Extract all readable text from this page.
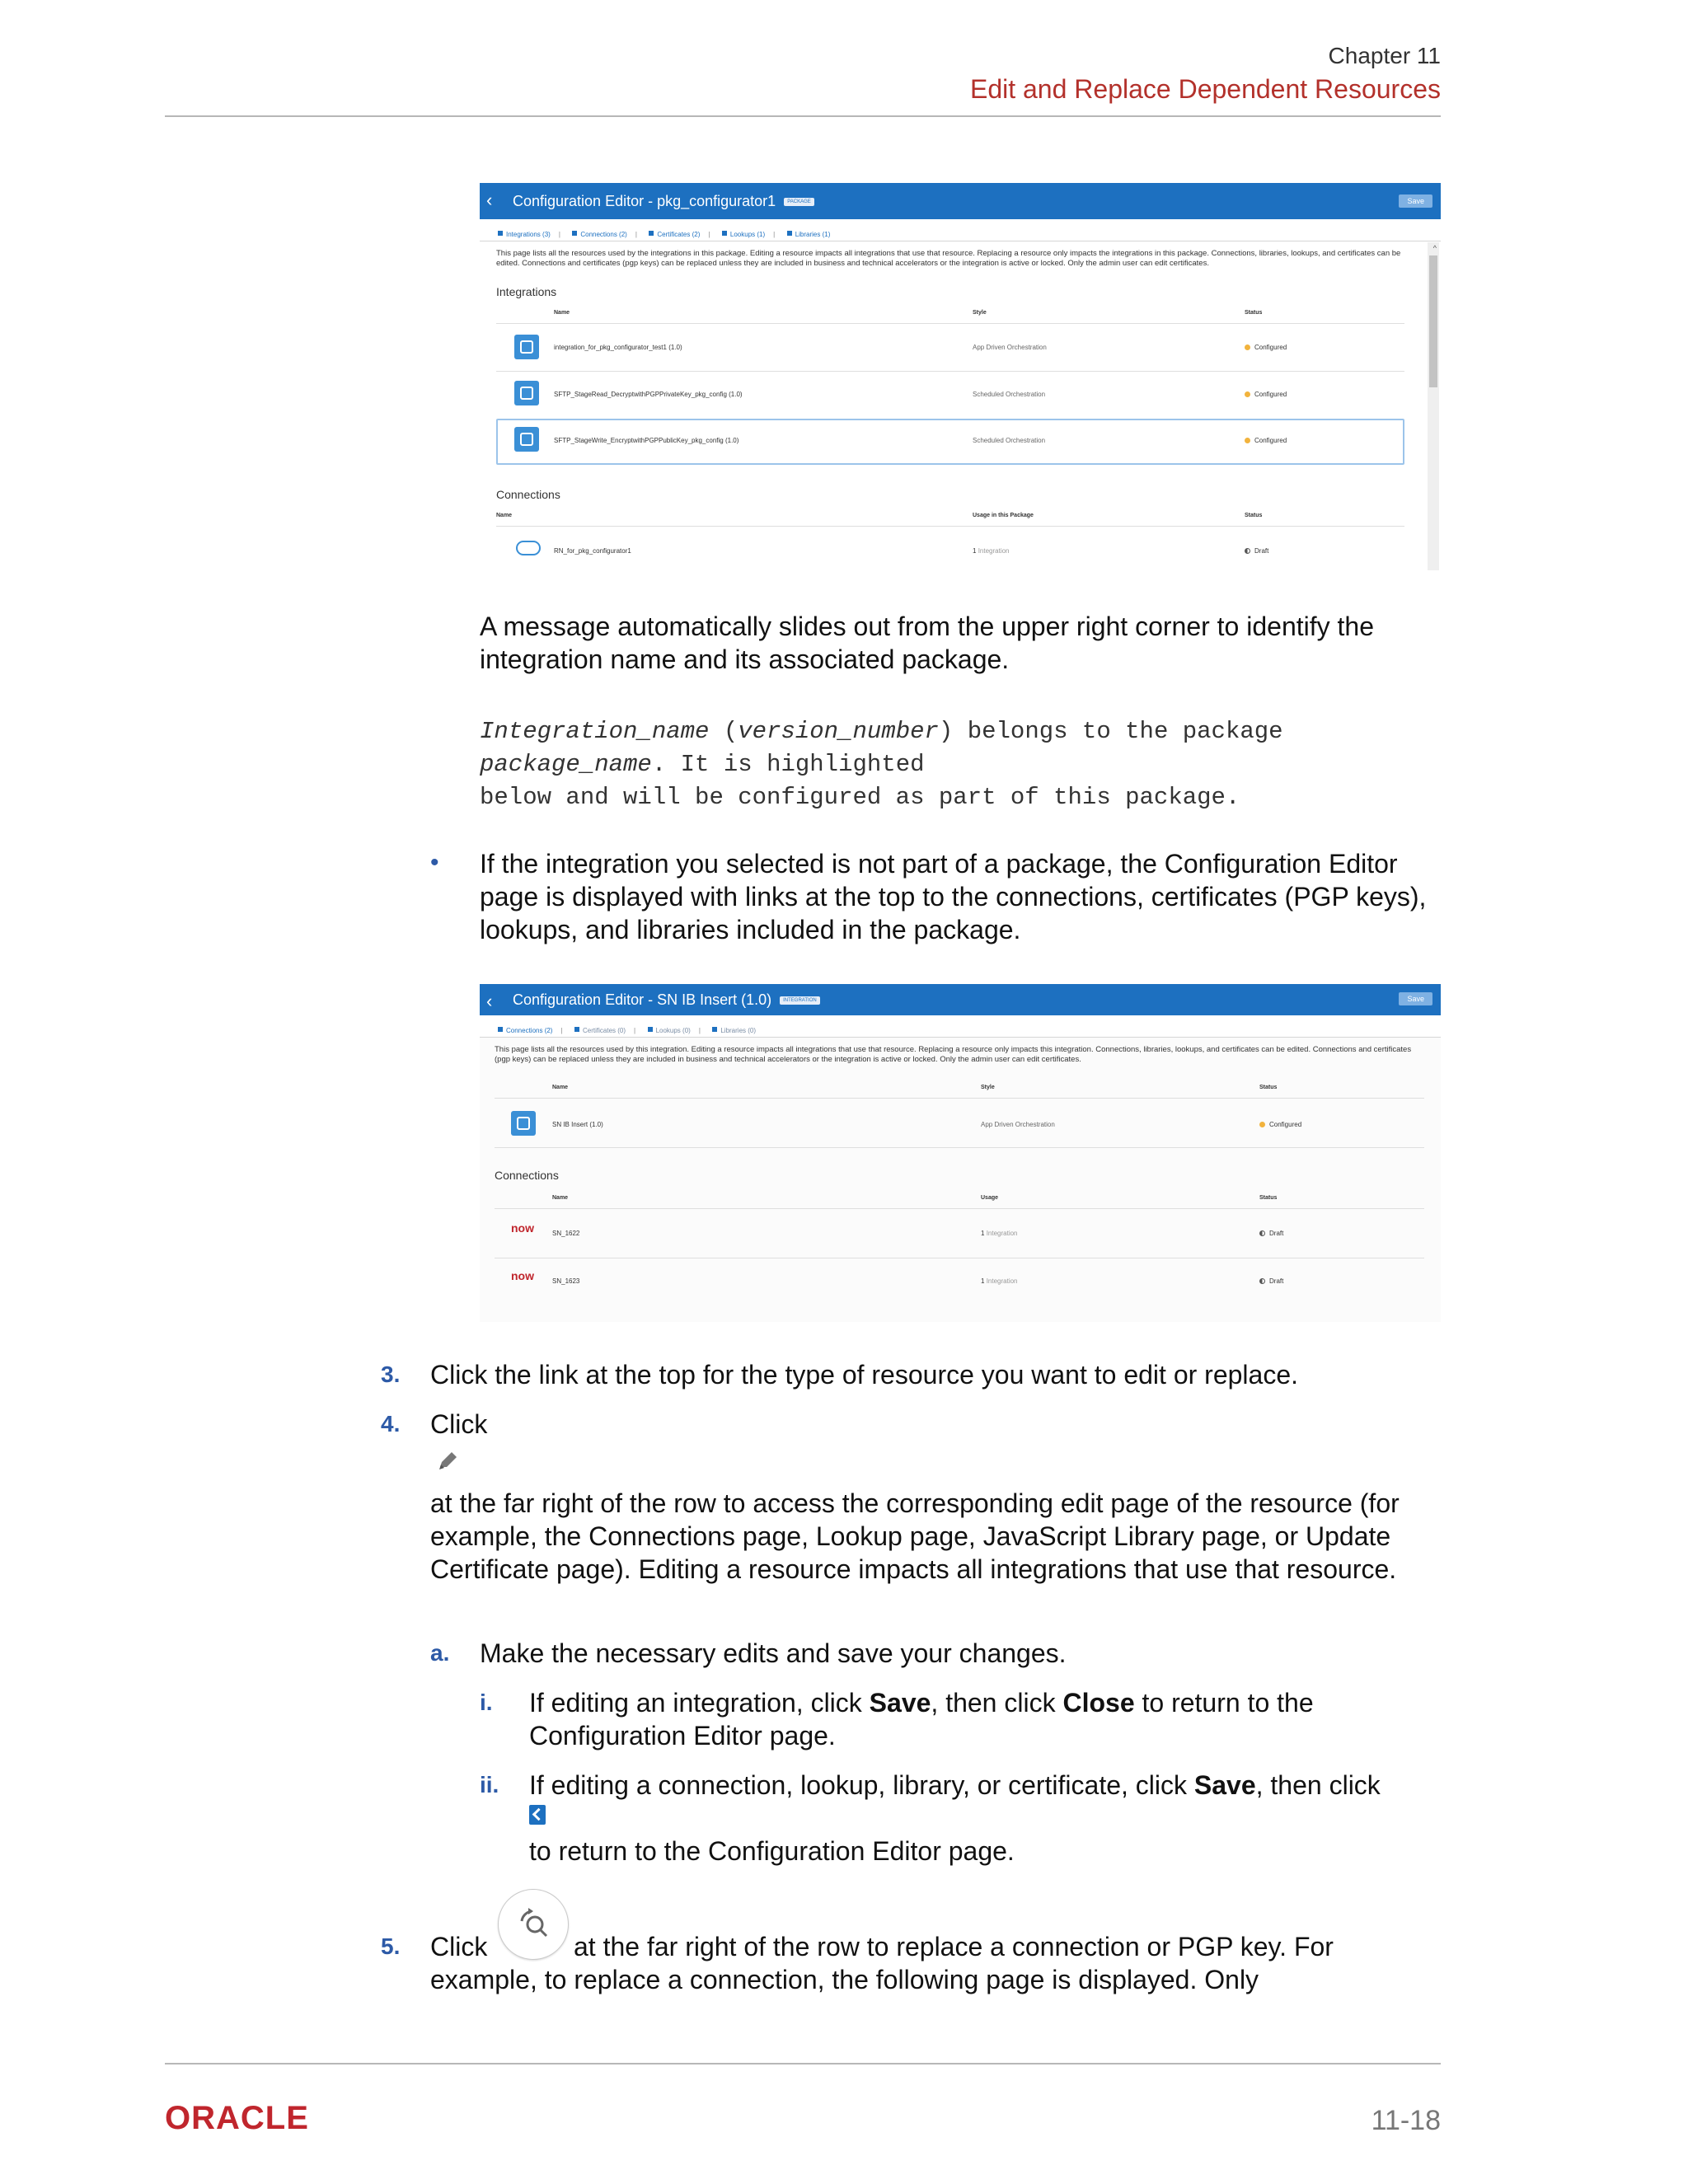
Chapter 11
Edit and Replace Dependent Resources
‹ Configuration Editor - pkg_configurator1 PACKAGE	Save
Integrations (3) |	Connections (2) |	Certificates (2) |	Lookups (1) |	Libraries (1)
This page lists all the resources used by the integrations in this package. Editing a resource impacts all integrations that use that resource. Replacing a resource only impacts the integrations in this package. Connections, libraries, lookups, and certificates can be edited. Connections and certificates (pgp keys) can be replaced unless they are included in business and technical accelerators or the integration is active or locked. Only the admin user can edit certificates.
Integrations
Name	Style	Status
integration_for_pkg_configurator_test1 (1.0)	App Driven Orchestration	Configured
SFTP_StageRead_DecryptwithPGPPrivateKey_pkg_config (1.0)	Scheduled Orchestration	Configured
SFTP_StageWrite_EncryptwithPGPPublicKey_pkg_config (1.0)	Scheduled Orchestration	Configured
Connections
Name	Usage in this Package	Status
RN_for_pkg_configurator1	1 Integration	Draft
^
A message automatically slides out from the upper right corner to identify the integration name and its associated package.
Integration_name (version_number) belongs to the package
package_name. It is highlighted
below and will be configured as part of this package.
• If the integration you selected is not part of a package, the Configuration Editor page is displayed with links at the top to the connections, certificates (PGP keys), lookups, and libraries included in the package.
‹ Configuration Editor - SN IB Insert (1.0) INTEGRATION	Save
Connections (2) |	Certificates (0) |	Lookups (0) |	Libraries (0)
This page lists all the resources used by this integration. Editing a resource impacts all integrations that use that resource. Replacing a resource only impacts this integration. Connections, libraries, lookups, and certificates can be edited. Connections and certificates (pgp keys) can be replaced unless they are included in business and technical accelerators or the integration is active or locked. Only the admin user can edit certificates.
Name	Style	Status
SN IB Insert (1.0)	App Driven Orchestration	Configured
Connections
Name	Usage	Status
now	SN_1622	1 Integration	Draft
now	SN_1623	1 Integration	Draft
3. Click the link at the top for the type of resource you want to edit or replace.
4. Click
at the far right of the row to access the corresponding edit page of the resource (for example, the Connections page, Lookup page, JavaScript Library page, or Update Certificate page). Editing a resource impacts all integrations that use that resource.
a. Make the necessary edits and save your changes.
i. If editing an integration, click Save, then click Close to return to the Configuration Editor page.
ii. If editing a connection, lookup, library, or certificate, click Save, then click
to return to the Configuration Editor page.
5. Click	at the far right of the row to replace a connection or PGP key. For
example, to replace a connection, the following page is displayed. Only
ORACLE	11-18
